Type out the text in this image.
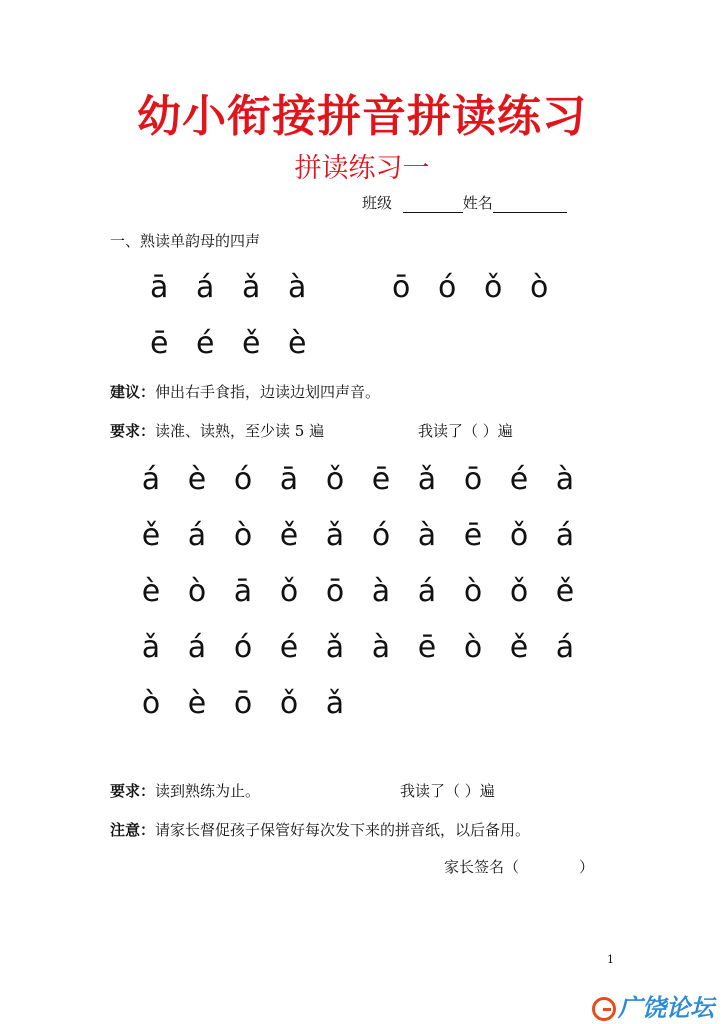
幼小衔接拼音拼读练习
拼读练习一
班级	姓名
一、熟读单韵母的四声
ā á ǎ à	ō ó ǒ ò
ē é ě è
建议：伸出右手食指，边读边划四声音。
要求：读准、读熟，至少读 5 遍	我读了（ ）遍
á è ó ā ǒ ē ǎ ō é à
ě á ò ě ǎ ó à ē ǒ á
è ò ā ǒ ō à á ò ǒ ě
ǎ á ó é ǎ à ē ò ě á
ò è ō ǒ ǎ
要求：读到熟练为止。	我读了（ ）遍
注意：请家长督促孩子保管好每次发下来的拼音纸，以后备用。
家长签名（　　　　）
1
广饶论坛
